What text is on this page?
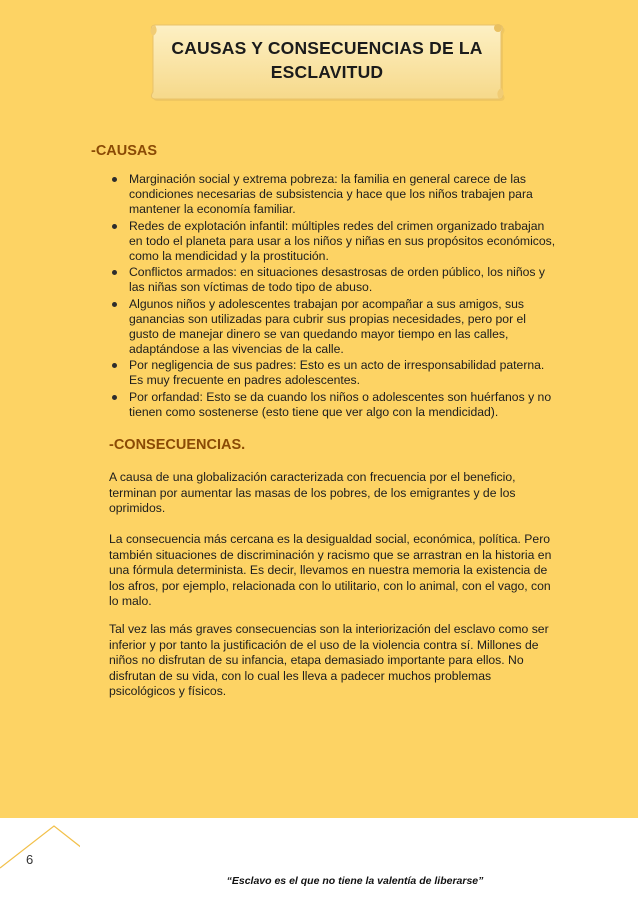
CAUSAS Y CONSECUENCIAS DE LA ESCLAVITUD
-CAUSAS
Marginación social y extrema pobreza: la familia en general carece de las condiciones necesarias de subsistencia y hace que los niños trabajen para mantener la economía familiar.
Redes de explotación infantil: múltiples redes del crimen organizado trabajan en todo el planeta para usar a los niños y niñas en sus propósitos económicos, como la mendicidad y la prostitución.
Conflictos armados: en situaciones desastrosas de orden público, los niños y las niñas son víctimas de todo tipo de abuso.
Algunos niños y adolescentes trabajan por acompañar a sus amigos, sus ganancias son utilizadas para cubrir sus propias necesidades, pero por el gusto de manejar dinero se van quedando mayor tiempo en las calles, adaptándose a las vivencias de la calle.
Por negligencia de sus padres: Esto es un acto de irresponsabilidad paterna. Es muy frecuente en padres adolescentes.
Por orfandad: Esto se da cuando los niños o adolescentes son huérfanos y no tienen como sostenerse (esto tiene que ver algo con la mendicidad).
-CONSECUENCIAS.

A causa de una globalización caracterizada con frecuencia por el beneficio, terminan por aumentar las masas de los pobres, de los emigrantes y de los oprimidos.

La consecuencia más cercana es la desigualdad social, económica, política. Pero también situaciones de discriminación y racismo que se arrastran en la historia en una fórmula determinista. Es decir, llevamos en nuestra memoria la existencia de los afros, por ejemplo, relacionada con lo utilitario, con lo animal, con el vago, con lo malo.

Tal vez las más graves consecuencias son la interiorización del esclavo como ser inferior y por tanto la justificación de el uso de la violencia contra sí. Millones de niños no disfrutan de su infancia, etapa demasiado importante para ellos. No disfrutan de su vida, con lo cual les lleva a padecer muchos problemas psicológicos y físicos.

6
“Esclavo es el que no tiene la valentía de liberarse”
